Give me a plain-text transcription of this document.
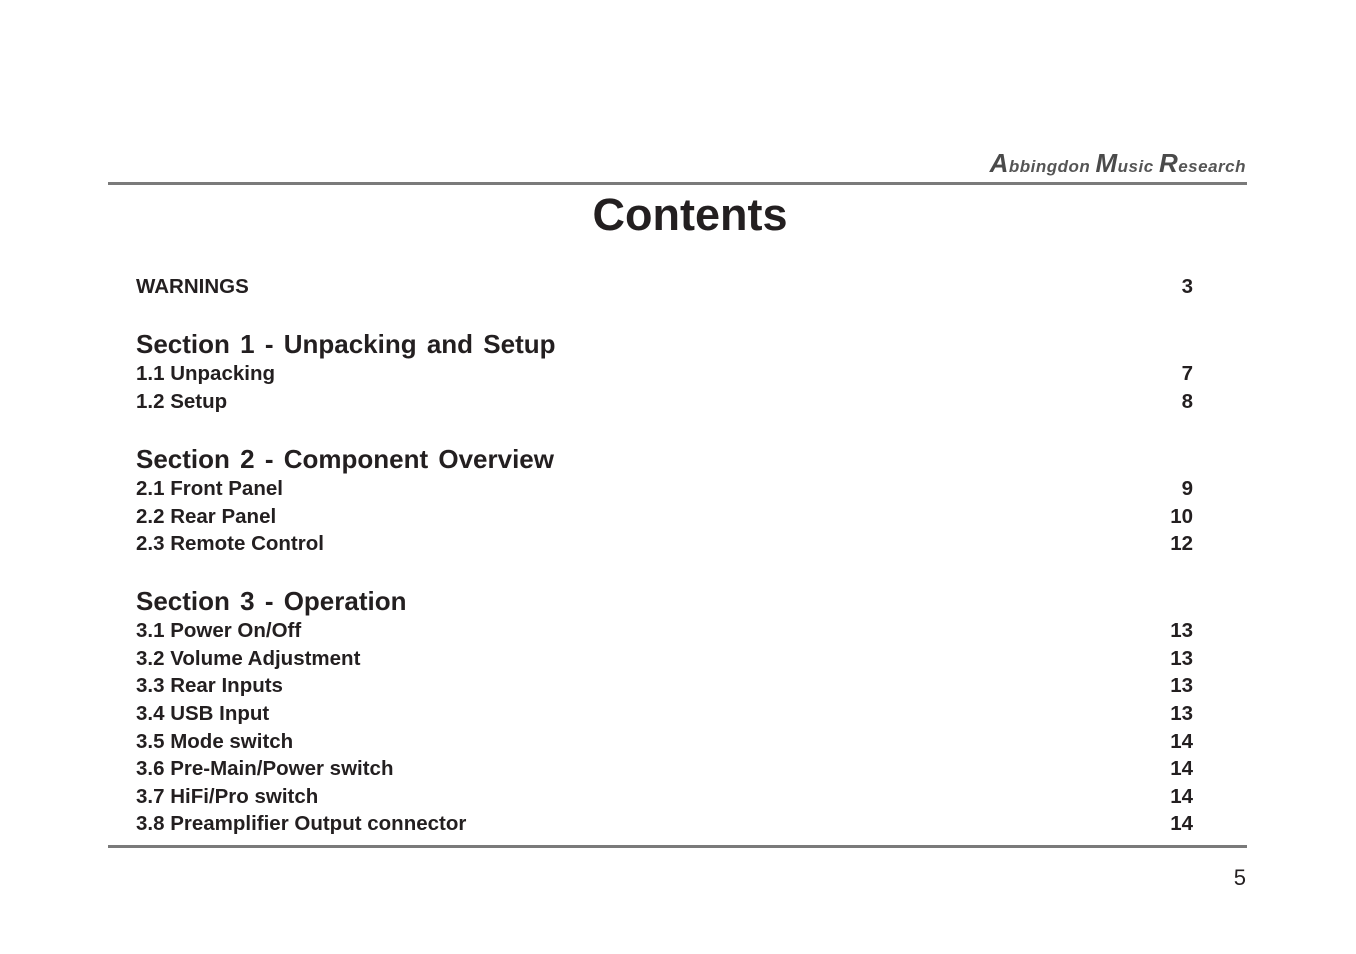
Abbingdon Music Research
Contents
WARNINGS	3
Section 1 - Unpacking and Setup
1.1 Unpacking	7
1.2 Setup	8
Section 2 - Component Overview
2.1 Front Panel	9
2.2 Rear Panel	10
2.3 Remote Control	12
Section 3 - Operation
3.1 Power On/Off	13
3.2 Volume Adjustment	13
3.3 Rear Inputs	13
3.4 USB Input	13
3.5 Mode switch	14
3.6 Pre-Main/Power switch	14
3.7 HiFi/Pro switch	14
3.8 Preamplifier Output connector	14
5
